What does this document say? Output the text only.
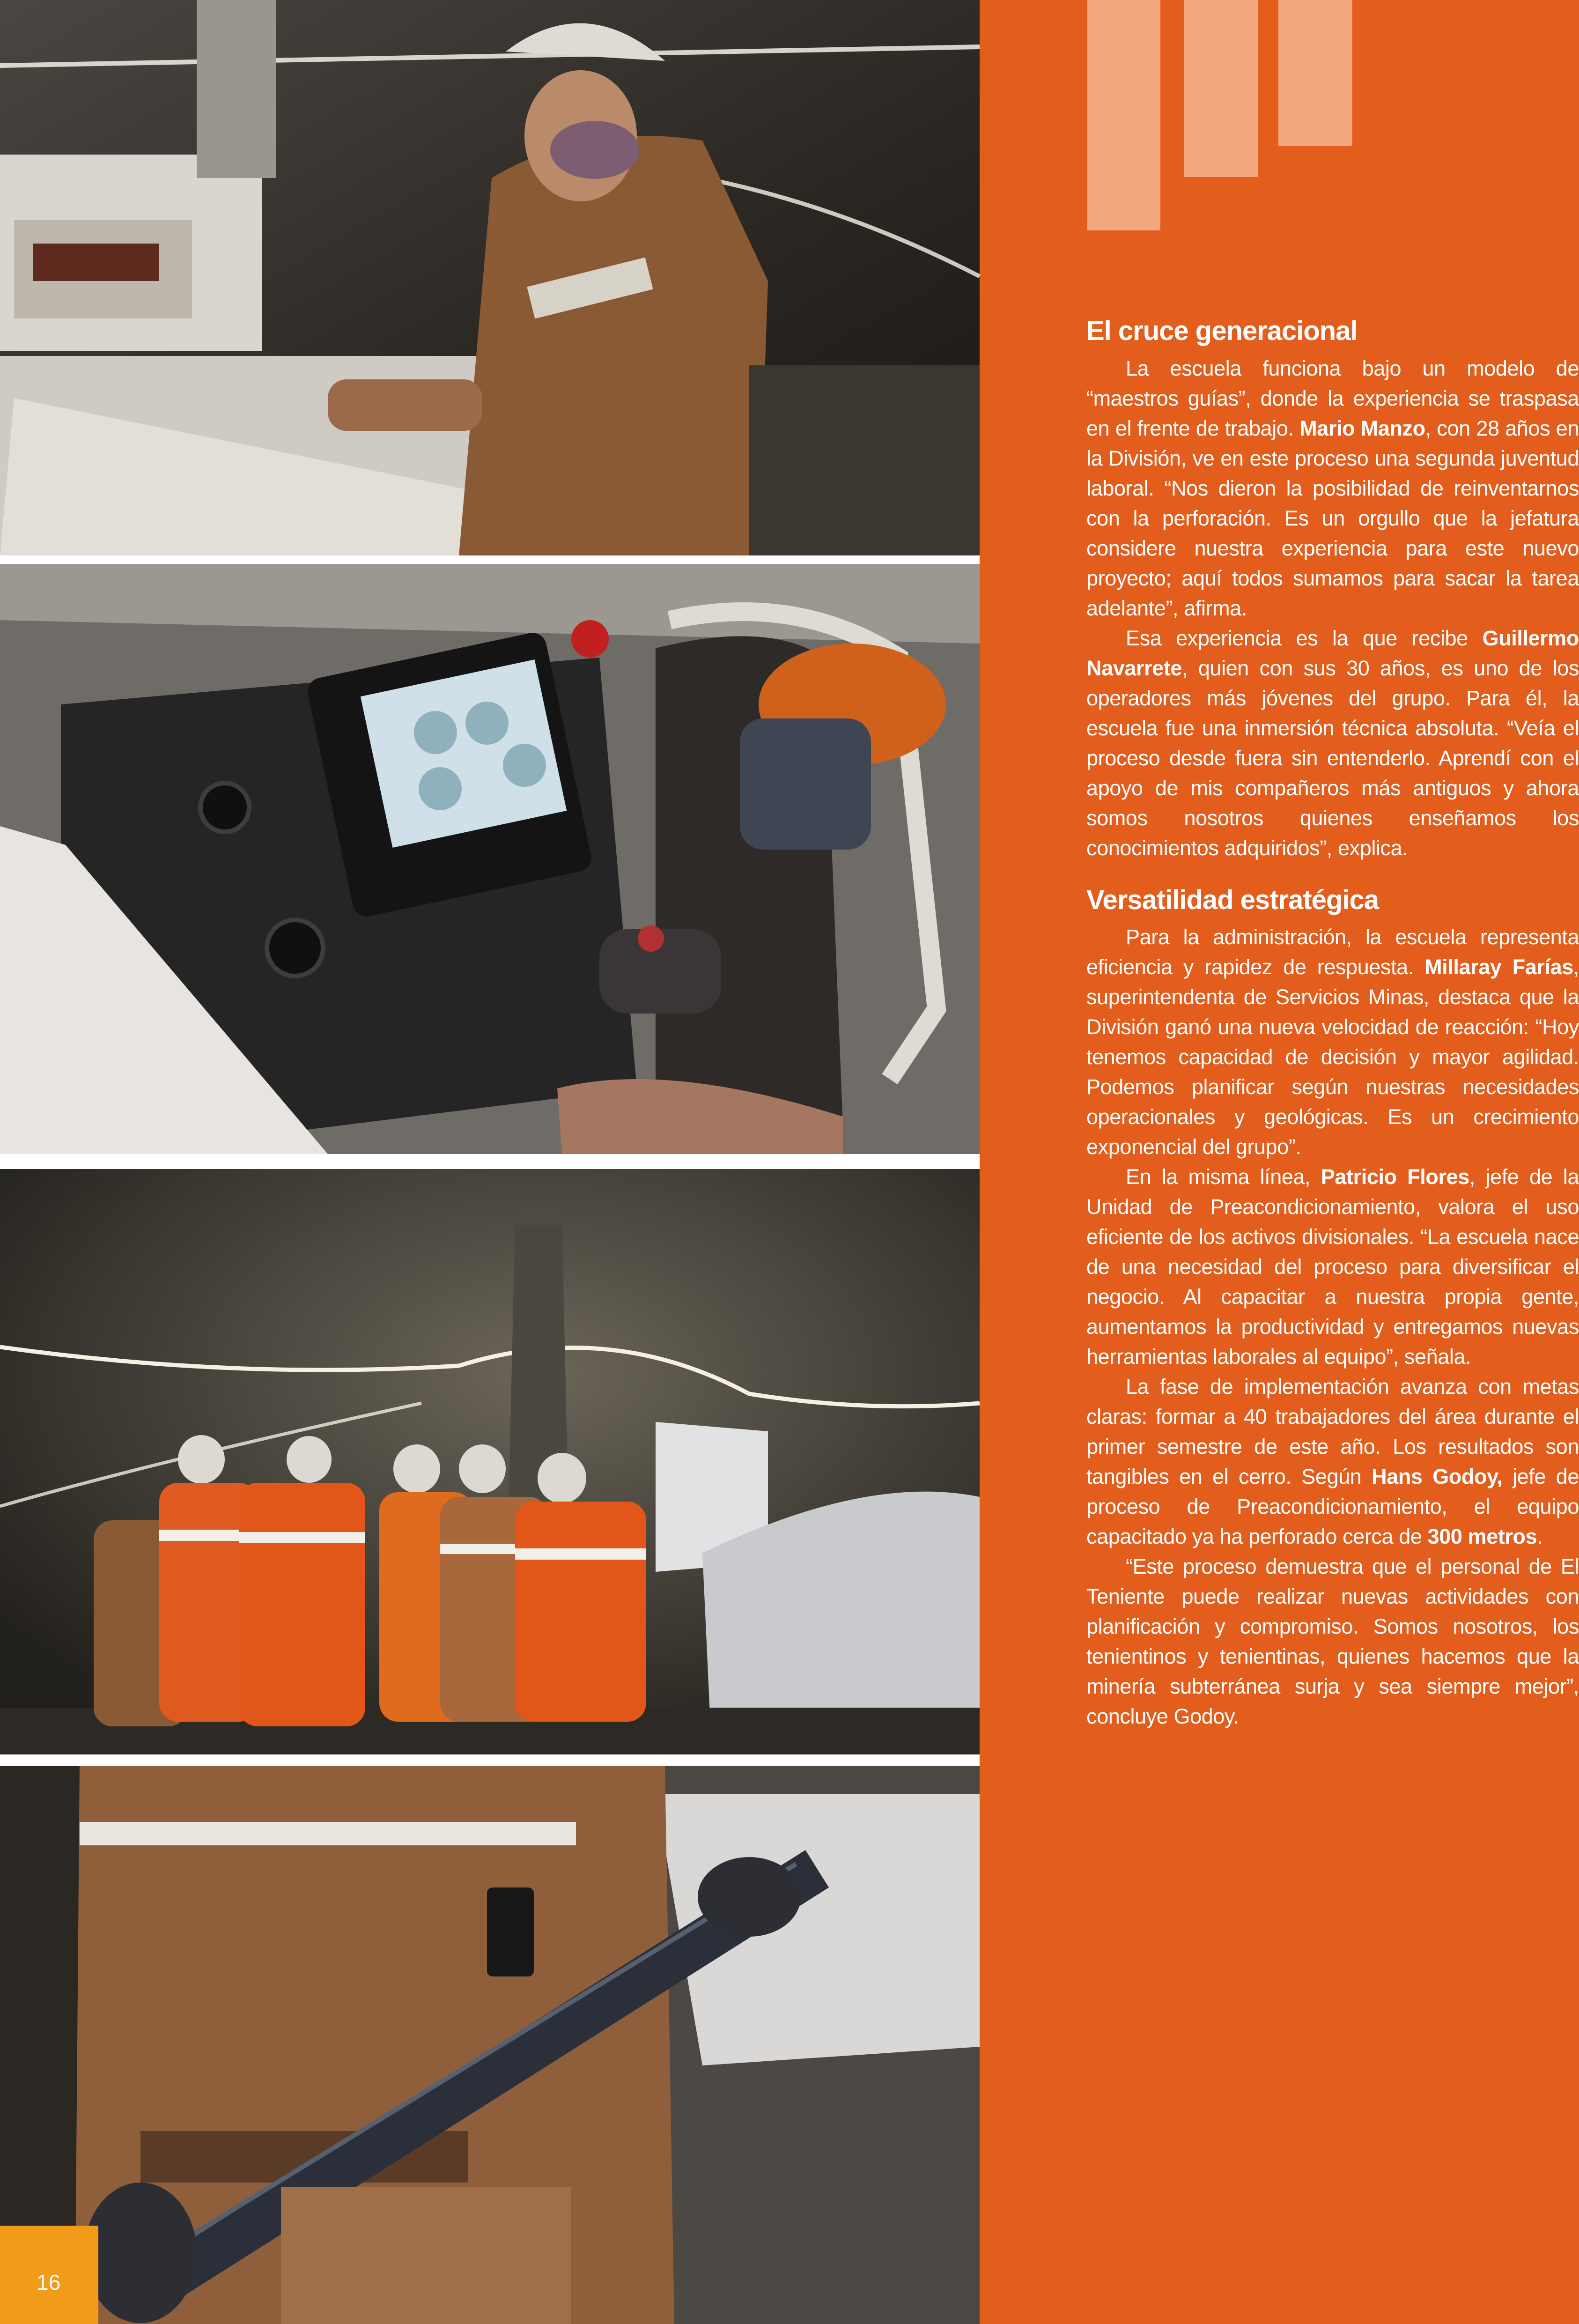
16
El cruce generacional

La escuela funciona bajo un modelo de “maestros guías”, donde la experiencia se traspasa en el frente de trabajo. Mario Manzo, con 28 años en la División, ve en este proceso una segunda juventud laboral. “Nos dieron la posibilidad de reinventarnos con la perforación. Es un orgullo que la jefatura considere nuestra experiencia para este nuevo proyecto; aquí todos sumamos para sacar la tarea adelante”, afirma.

Esa experiencia es la que recibe Guillermo Navarrete, quien con sus 30 años, es uno de los operadores más jóvenes del grupo. Para él, la escuela fue una inmersión técnica absoluta. “Veía el proceso desde fuera sin entenderlo. Aprendí con el apoyo de mis compañeros más antiguos y ahora somos nosotros quienes enseñamos los conocimientos adquiridos”, explica.

Versatilidad estratégica

Para la administración, la escuela representa eficiencia y rapidez de respuesta. Millaray Farías, superintendenta de Servicios Minas, destaca que la División ganó una nueva velocidad de reacción: “Hoy tenemos capacidad de decisión y mayor agilidad. Podemos planificar según nuestras necesidades operacionales y geológicas. Es un crecimiento exponencial del grupo”.

En la misma línea, Patricio Flores, jefe de la Unidad de Preacondicionamiento, valora el uso eficiente de los activos divisionales. “La escuela nace de una necesidad del proceso para diversificar el negocio. Al capacitar a nuestra propia gente, aumentamos la productividad y entregamos nuevas herramientas laborales al equipo”, señala.

La fase de implementación avanza con metas claras: formar a 40 trabajadores del área durante el primer semestre de este año. Los resultados son tangibles en el cerro. Según Hans Godoy, jefe de proceso de Preacondicionamiento, el equipo capacitado ya ha perforado cerca de 300 metros.

“Este proceso demuestra que el personal de El Teniente puede realizar nuevas actividades con planificación y compromiso. Somos nosotros, los tenientinos y tenientinas, quienes hacemos que la minería subterránea surja y sea siempre mejor”, concluye Godoy.
